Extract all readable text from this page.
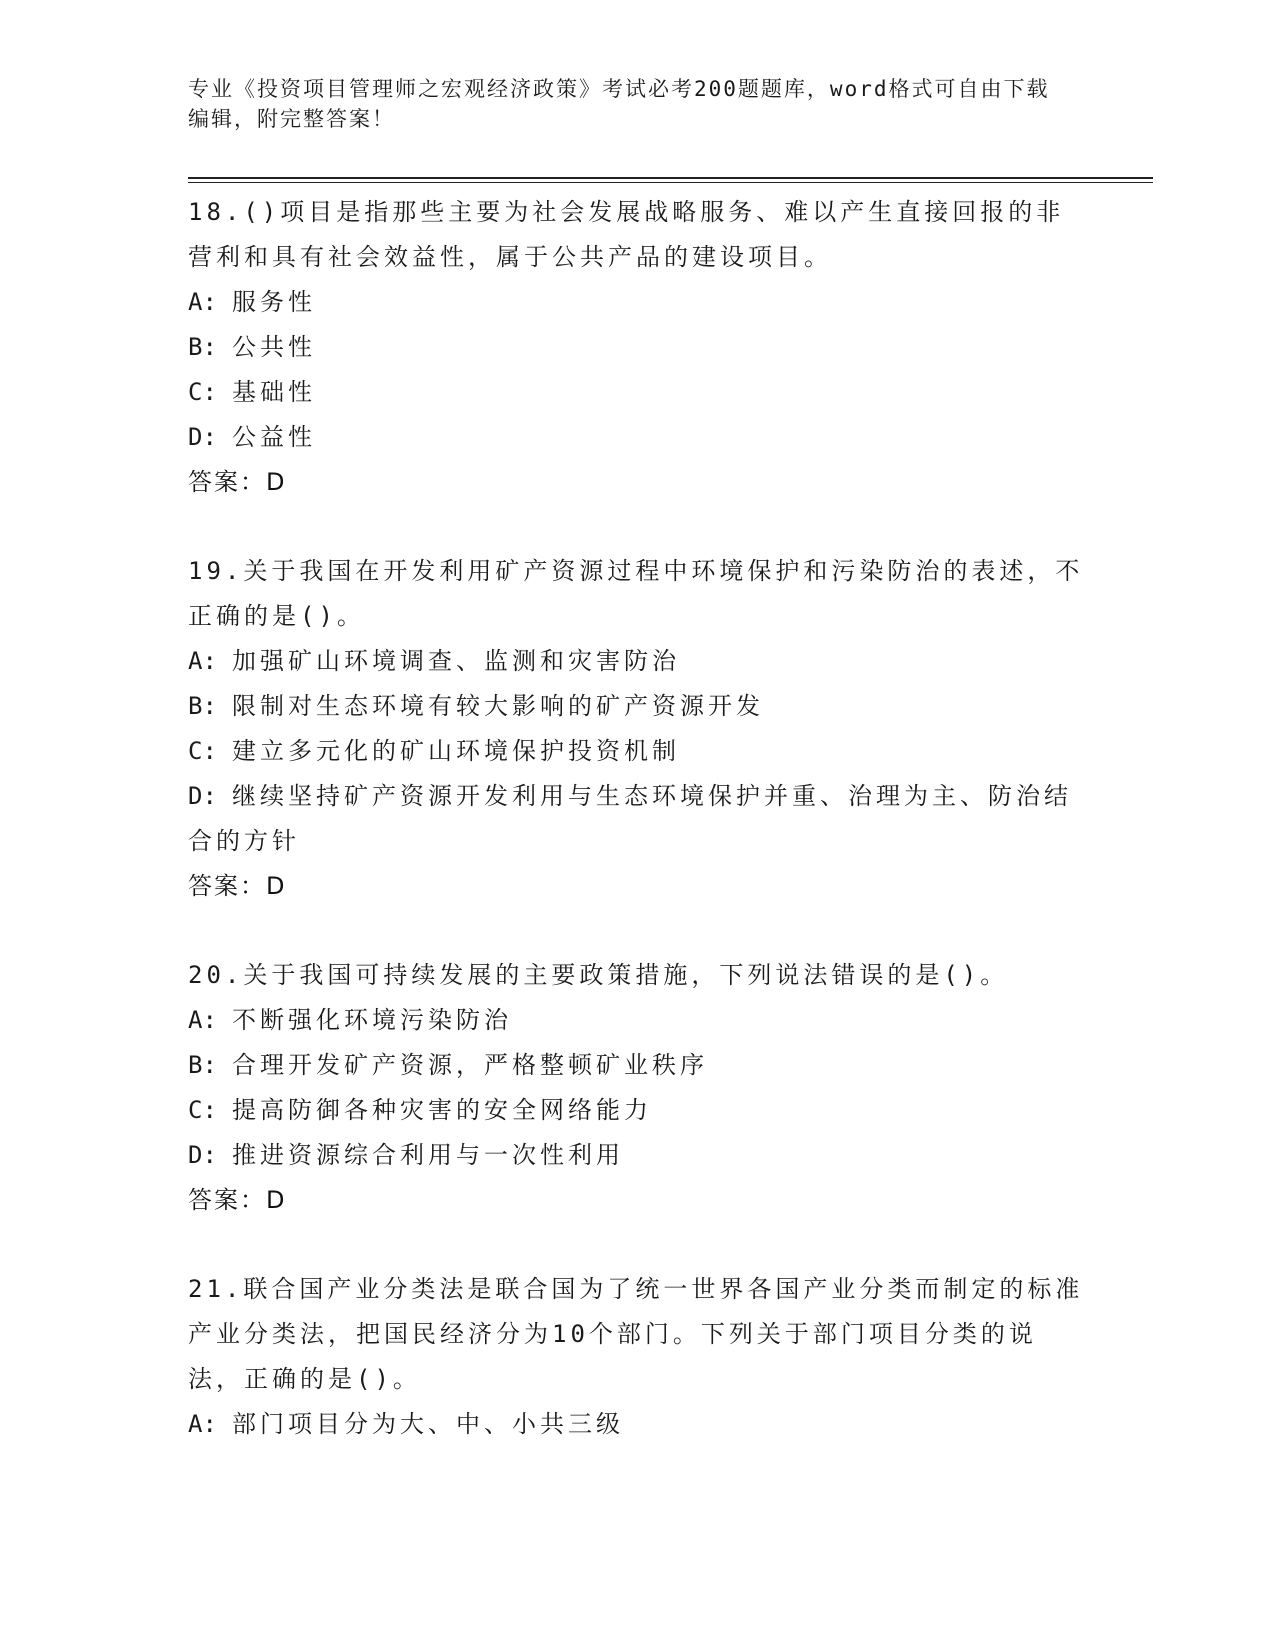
专业《投资项目管理师之宏观经济政策》考试必考200题题库，word格式可自由下载编辑，附完整答案！

18.()项目是指那些主要为社会发展战略服务、难以产生直接回报的非营利和具有社会效益性，属于公共产品的建设项目。

A: 服务性

B: 公共性

C: 基础性

D: 公益性

答案：D

19.关于我国在开发利用矿产资源过程中环境保护和污染防治的表述，不正确的是()。

A: 加强矿山环境调查、监测和灾害防治

B: 限制对生态环境有较大影响的矿产资源开发

C: 建立多元化的矿山环境保护投资机制

D: 继续坚持矿产资源开发利用与生态环境保护并重、治理为主、防治结合的方针

答案：D

20.关于我国可持续发展的主要政策措施，下列说法错误的是()。

A: 不断强化环境污染防治

B: 合理开发矿产资源，严格整顿矿业秩序

C: 提高防御各种灾害的安全网络能力

D: 推进资源综合利用与一次性利用

答案：D

21.联合国产业分类法是联合国为了统一世界各国产业分类而制定的标准产业分类法，把国民经济分为10个部门。下列关于部门项目分类的说法，正确的是()。

A: 部门项目分为大、中、小共三级
